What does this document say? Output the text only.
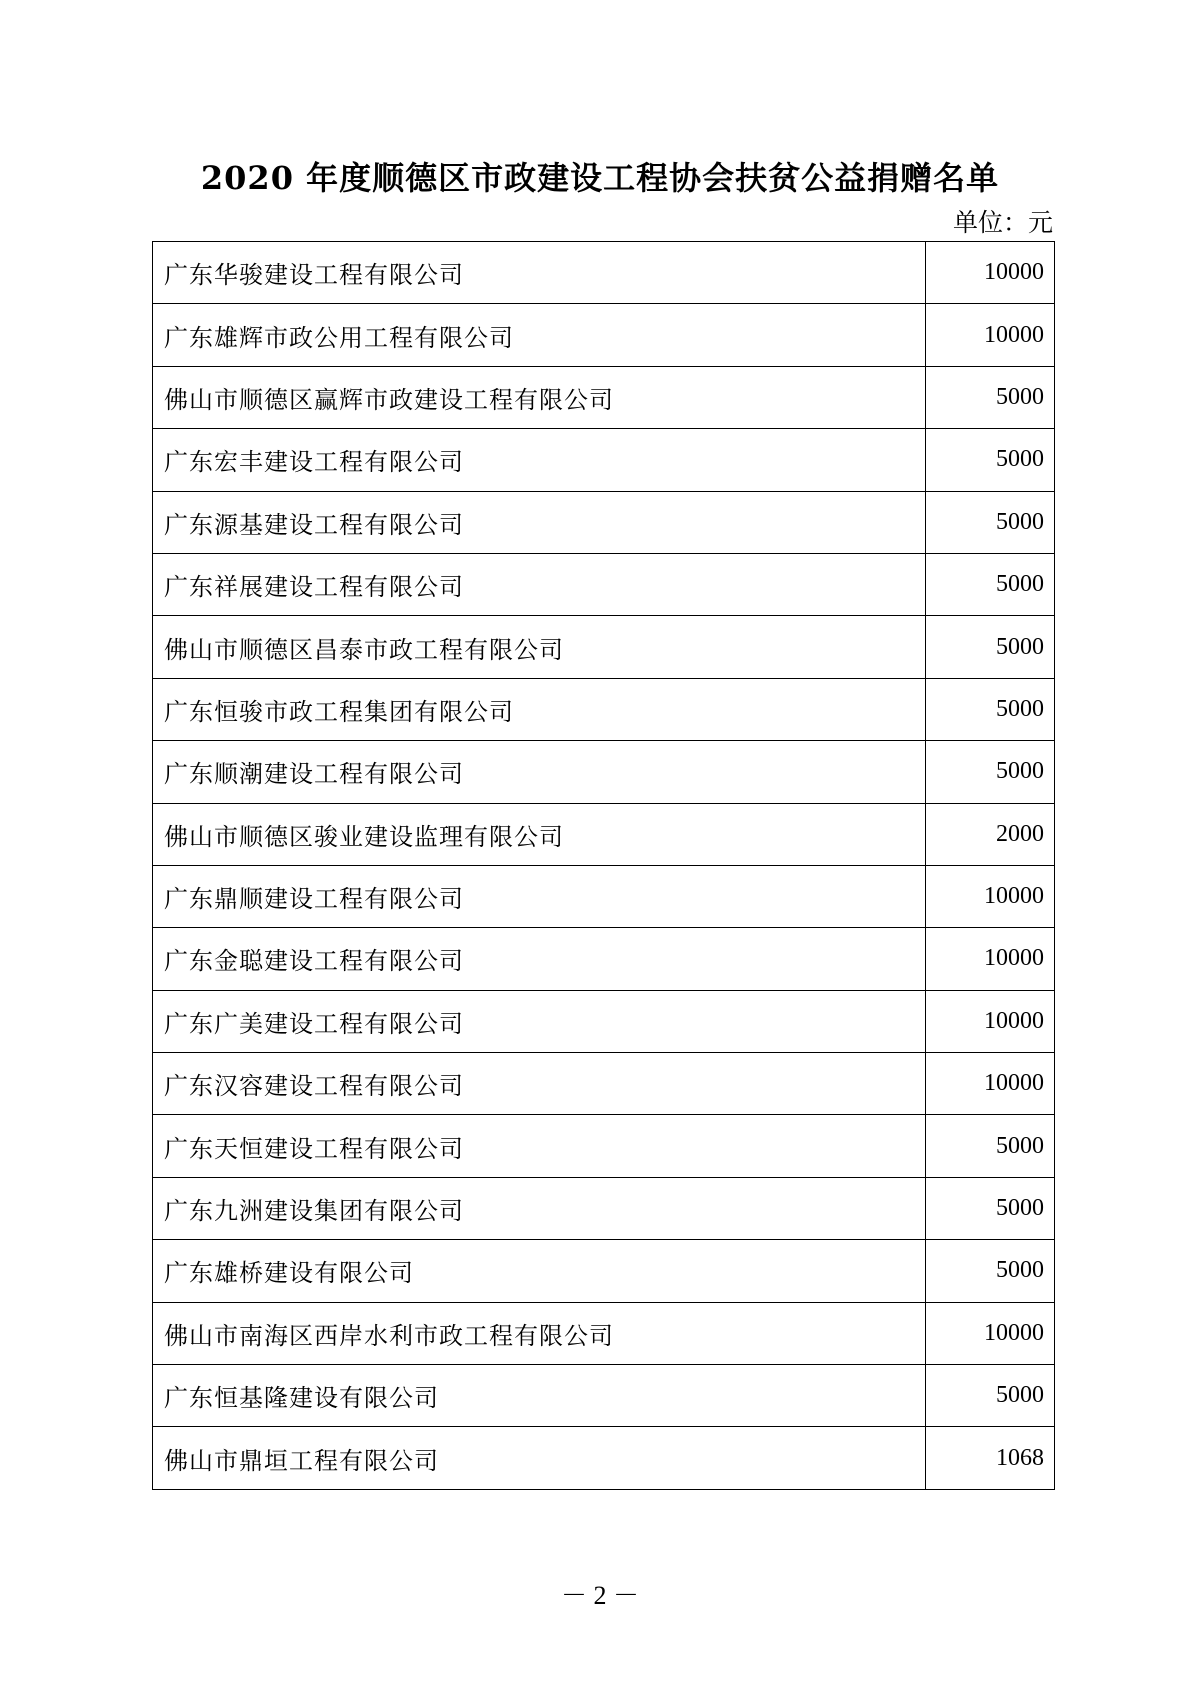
2020 年度顺德区市政建设工程协会扶贫公益捐赠名单
单位：元
广东华骏建设工程有限公司	10000
广东雄辉市政公用工程有限公司	10000
佛山市顺德区赢辉市政建设工程有限公司	5000
广东宏丰建设工程有限公司	5000
广东源基建设工程有限公司	5000
广东祥展建设工程有限公司	5000
佛山市顺德区昌泰市政工程有限公司	5000
广东恒骏市政工程集团有限公司	5000
广东顺潮建设工程有限公司	5000
佛山市顺德区骏业建设监理有限公司	2000
广东鼎顺建设工程有限公司	10000
广东金聪建设工程有限公司	10000
广东广美建设工程有限公司	10000
广东汉容建设工程有限公司	10000
广东天恒建设工程有限公司	5000
广东九洲建设集团有限公司	5000
广东雄桥建设有限公司	5000
佛山市南海区西岸水利市政工程有限公司	10000
广东恒基隆建设有限公司	5000
佛山市鼎垣工程有限公司	1068
－ 2 －
